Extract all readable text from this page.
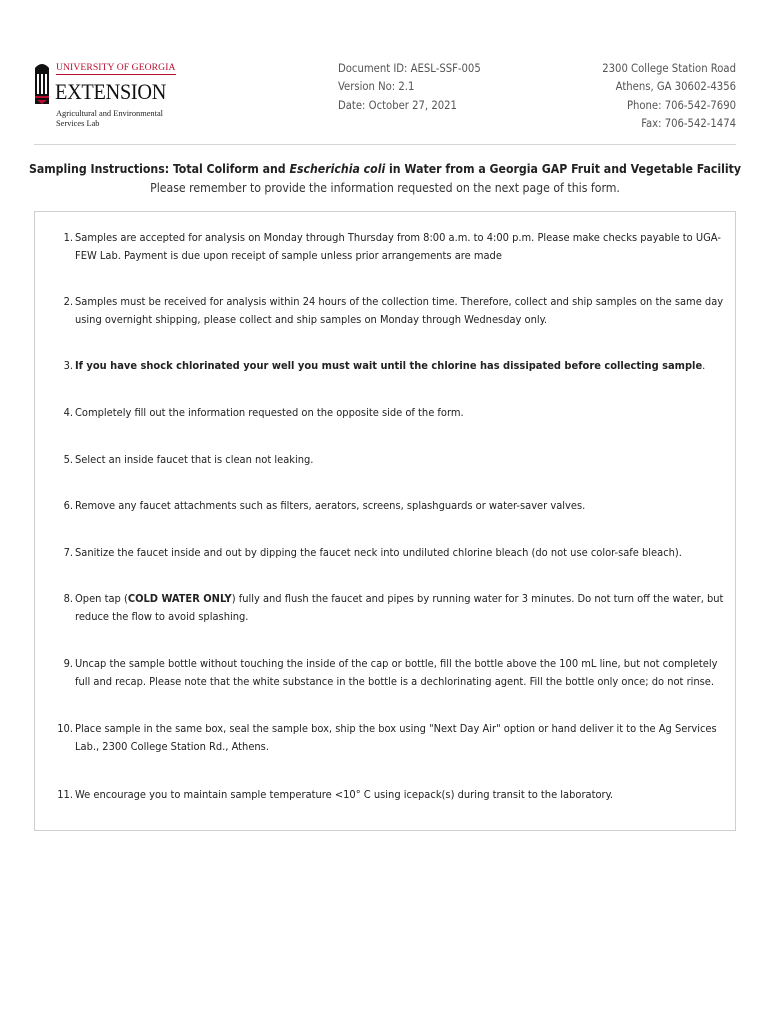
UNIVERSITY OF GEORGIA
EXTENSION
Agricultural and Environmental
Services Lab
Document ID: AESL-SSF-005
Version No: 2.1
Date: October 27, 2021
2300 College Station Road
Athens, GA 30602-4356
Phone: 706-542-7690
Fax: 706-542-1474
Sampling Instructions: Total Coliform and Escherichia coli in Water from a Georgia GAP Fruit and Vegetable Facility
Please remember to provide the information requested on the next page of this form.
1. Samples are accepted for analysis on Monday through Thursday from 8:00 a.m. to 4:00 p.m. Please make checks payable to UGA-FEW Lab. Payment is due upon receipt of sample unless prior arrangements are made
2. Samples must be received for analysis within 24 hours of the collection time. Therefore, collect and ship samples on the same day using overnight shipping, please collect and ship samples on Monday through Wednesday only.
3. If you have shock chlorinated your well you must wait until the chlorine has dissipated before collecting sample.
4. Completely fill out the information requested on the opposite side of the form.
5. Select an inside faucet that is clean not leaking.
6. Remove any faucet attachments such as filters, aerators, screens, splashguards or water-saver valves.
7. Sanitize the faucet inside and out by dipping the faucet neck into undiluted chlorine bleach (do not use color-safe bleach).
8. Open tap (COLD WATER ONLY) fully and flush the faucet and pipes by running water for 3 minutes. Do not turn off the water, but reduce the flow to avoid splashing.
9. Uncap the sample bottle without touching the inside of the cap or bottle, fill the bottle above the 100 mL line, but not completely full and recap. Please note that the white substance in the bottle is a dechlorinating agent. Fill the bottle only once; do not rinse.
10. Place sample in the same box, seal the sample box, ship the box using "Next Day Air" option or hand deliver it to the Ag Services Lab., 2300 College Station Rd., Athens.
11. We encourage you to maintain sample temperature <10° C using icepack(s) during transit to the laboratory.
